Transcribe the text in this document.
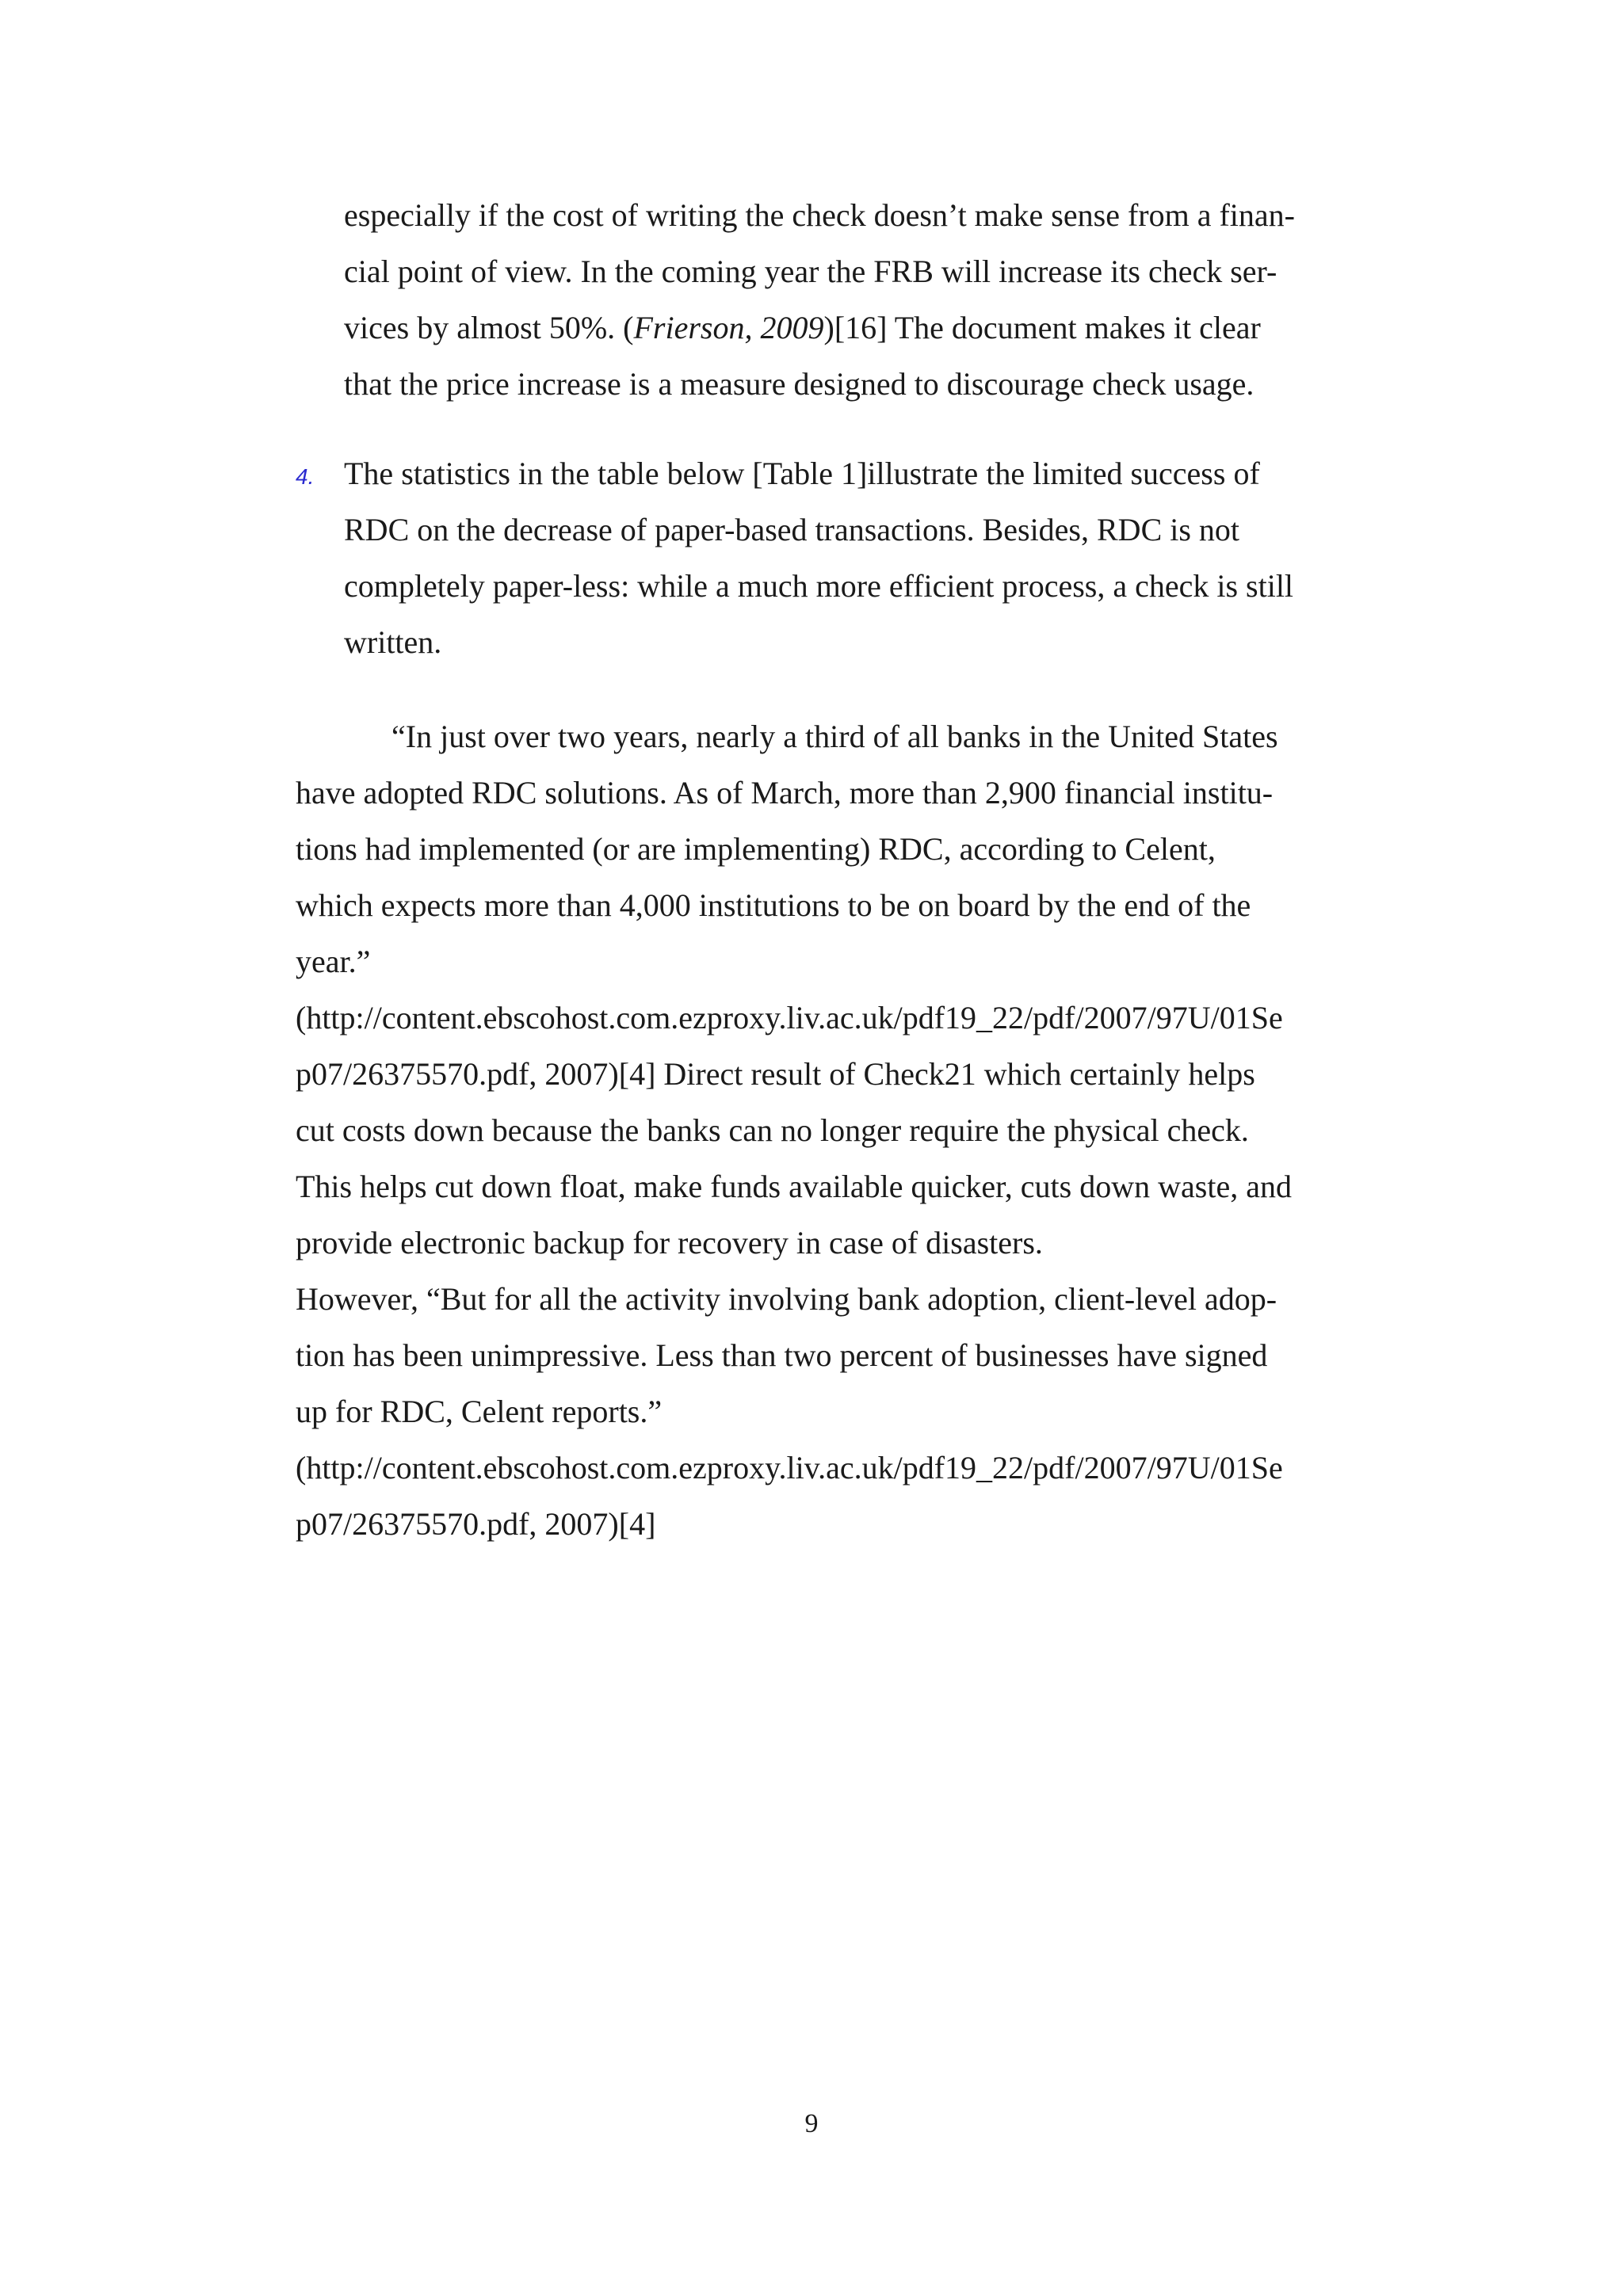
especially if the cost of writing the check doesn’t make sense from a finan-
cial point of view. In the coming year the FRB will increase its check ser-
vices by almost 50%. (Frierson, 2009)[16] The document makes it clear
that the price increase is a measure designed to discourage check usage.
4. The statistics in the table below [Table 1]illustrate the limited success of
RDC on the decrease of paper-based transactions. Besides, RDC is not
completely paper-less: while a much more efficient process, a check is still
written.
“In just over two years, nearly a third of all banks in the United States
have adopted RDC solutions. As of March, more than 2,900 financial institu-
tions had implemented (or are implementing) RDC, according to Celent,
which expects more than 4,000 institutions to be on board by the end of the
year.”
(http://content.ebscohost.com.ezproxy.liv.ac.uk/pdf19_22/pdf/2007/97U/01Se
p07/26375570.pdf, 2007)[4] Direct result of Check21 which certainly helps
cut costs down because the banks can no longer require the physical check.
This helps cut down float, make funds available quicker, cuts down waste, and
provide electronic backup for recovery in case of disasters.
However, “But for all the activity involving bank adoption, client-level adop-
tion has been unimpressive. Less than two percent of businesses have signed
up for RDC, Celent reports.”
(http://content.ebscohost.com.ezproxy.liv.ac.uk/pdf19_22/pdf/2007/97U/01Se
p07/26375570.pdf, 2007)[4]
9
